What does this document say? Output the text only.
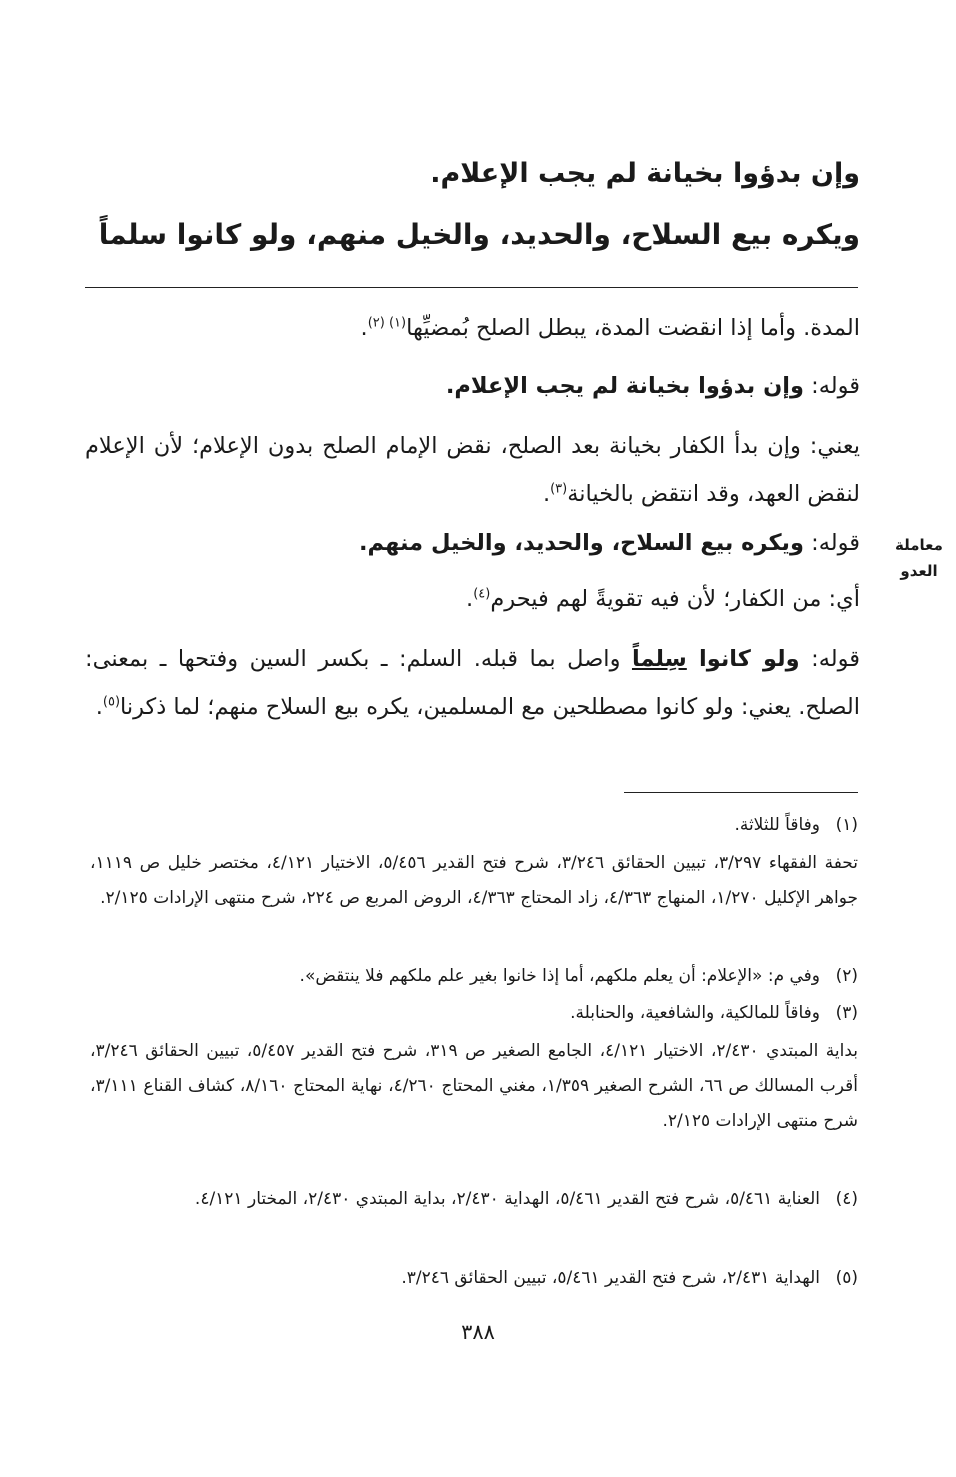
وإن بدؤوا بخيانة لم يجب الإعلام.
ويكره بيع السلاح، والحديد، والخيل منهم، ولو كانوا سلماً
المدة. وأما إذا انقضت المدة، يبطل الصلح بُمضيِّها$^{(١) (٢)}$.
قوله: وإن بدؤوا بخيانة لم يجب الإعلام.
يعني: وإن بدأ الكفار بخيانة بعد الصلح، نقض الإمام الصلح بدون الإعلام؛ لأن الإعلام لنقض العهد، وقد انتقض بالخيانة$^{(٣)}$.
قوله: ويكره بيع السلاح، والحديد، والخيل منهم.
أي: من الكفار؛ لأن فيه تقويةً لهم فيحرم$^{(٤)}$.
قوله: ولو كانوا سِلماً واصل بما قبله. السلم: ـ بكسر السين وفتحها ـ بمعنى: الصلح. يعني: ولو كانوا مصطلحين مع المسلمين، يكره بيع السلاح منهم؛ لما ذكرنا$^{(٥)}$.
معاملة
العدو
(١)
وفاقاً للثلاثة.
تحفة الفقهاء ٣/٢٩٧، تبيين الحقائق ٣/٢٤٦، شرح فتح القدير ٥/٤٥٦، الاختيار ٤/١٢١، مختصر خليل ص ١١١٩، جواهر الإكليل ١/٢٧٠، المنهاج ٤/٣٦٣، زاد المحتاج ٤/٣٦٣، الروض المربع ص ٢٢٤، شرح منتهى الإرادات ٢/١٢٥.
(٢)
وفي م: «الإعلام: أن يعلم ملكهم، أما إذا خانوا بغير علم ملكهم فلا ينتقض».
(٣)
وفاقاً للمالكية، والشافعية، والحنابلة.
بداية المبتدي ٢/٤٣٠، الاختيار ٤/١٢١، الجامع الصغير ص ٣١٩، شرح فتح القدير ٥/٤٥٧، تبيين الحقائق ٣/٢٤٦، أقرب المسالك ص ٦٦، الشرح الصغير ١/٣٥٩، مغني المحتاج ٤/٢٦٠، نهاية المحتاج ٨/١٦٠، كشاف القناع ٣/١١١، شرح منتهى الإرادات ٢/١٢٥.
(٤)
العناية ٥/٤٦١، شرح فتح القدير ٥/٤٦١، الهداية ٢/٤٣٠، بداية المبتدي ٢/٤٣٠، المختار ٤/١٢١.
(٥)
الهداية ٢/٤٣١، شرح فتح القدير ٥/٤٦١، تبيين الحقائق ٣/٢٤٦.
٣٨٨
